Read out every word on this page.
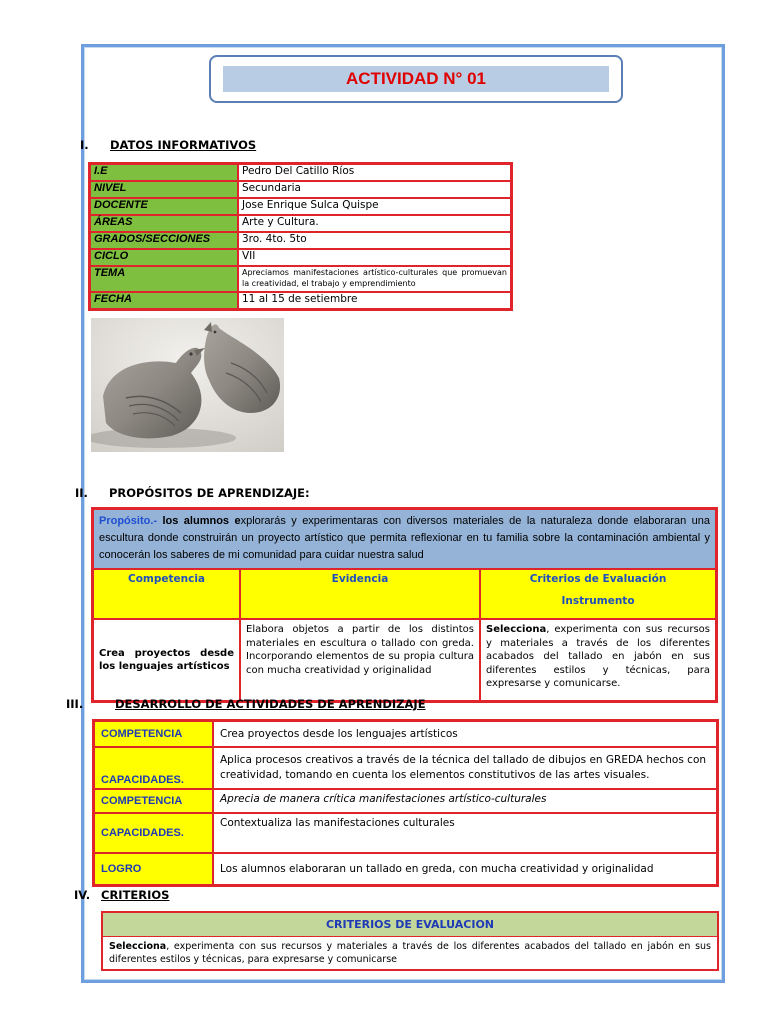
ACTIVIDAD N° 01
I. DATOS INFORMATIVOS
I.E	Pedro Del Catillo Ríos
NIVEL	Secundaria
DOCENTE	Jose Enrique Sulca Quispe
ÁREAS	Arte y Cultura.
GRADOS/SECCIONES	3ro. 4to. 5to
CICLO	VII
TEMA	Apreciamos manifestaciones artístico-culturales que promuevan la creatividad, el trabajo y emprendimiento
FECHA	11 al 15 de setiembre
II. PROPÓSITOS DE APRENDIZAJE:
Propósito.- los alumnos explorarás y experimentaras con diversos materiales de la naturaleza donde elaboraran una escultura donde construirán un proyecto artístico que permita reflexionar en tu familia sobre la contaminación ambiental y conocerán los saberes de mi comunidad para cuidar nuestra salud		
Competencia	Evidencia	Criterios de Evaluación
Instrumento

Crea proyectos desde los lenguajes artísticos	Elabora objetos a partir de los distintos materiales en escultura o tallado con greda. Incorporando elementos de su propia cultura con mucha creatividad y originalidad	Selecciona, experimenta con sus recursos y materiales a través de los diferentes acabados del tallado en jabón en sus diferentes estilos y técnicas, para expresarse y comunicarse.
III.	DESARROLLO DE ACTIVIDADES DE APRENDIZAJE
COMPETENCIA	Crea proyectos desde los lenguajes artísticos
CAPACIDADES.	Aplica procesos creativos a través de la técnica del tallado de dibujos en GREDA hechos con creatividad, tomando en cuenta los elementos constitutivos de las artes visuales.
COMPETENCIA	Aprecia de manera crítica manifestaciones artístico-culturales
CAPACIDADES.	Contextualiza las manifestaciones culturales
LOGRO	Los alumnos elaboraran un tallado en greda, con mucha creatividad y originalidad
IV. CRITERIOS
CRITERIOS DE EVALUACION
Selecciona, experimenta con sus recursos y materiales a través de los diferentes acabados del tallado en jabón en sus diferentes estilos y técnicas, para expresarse y comunicarse
